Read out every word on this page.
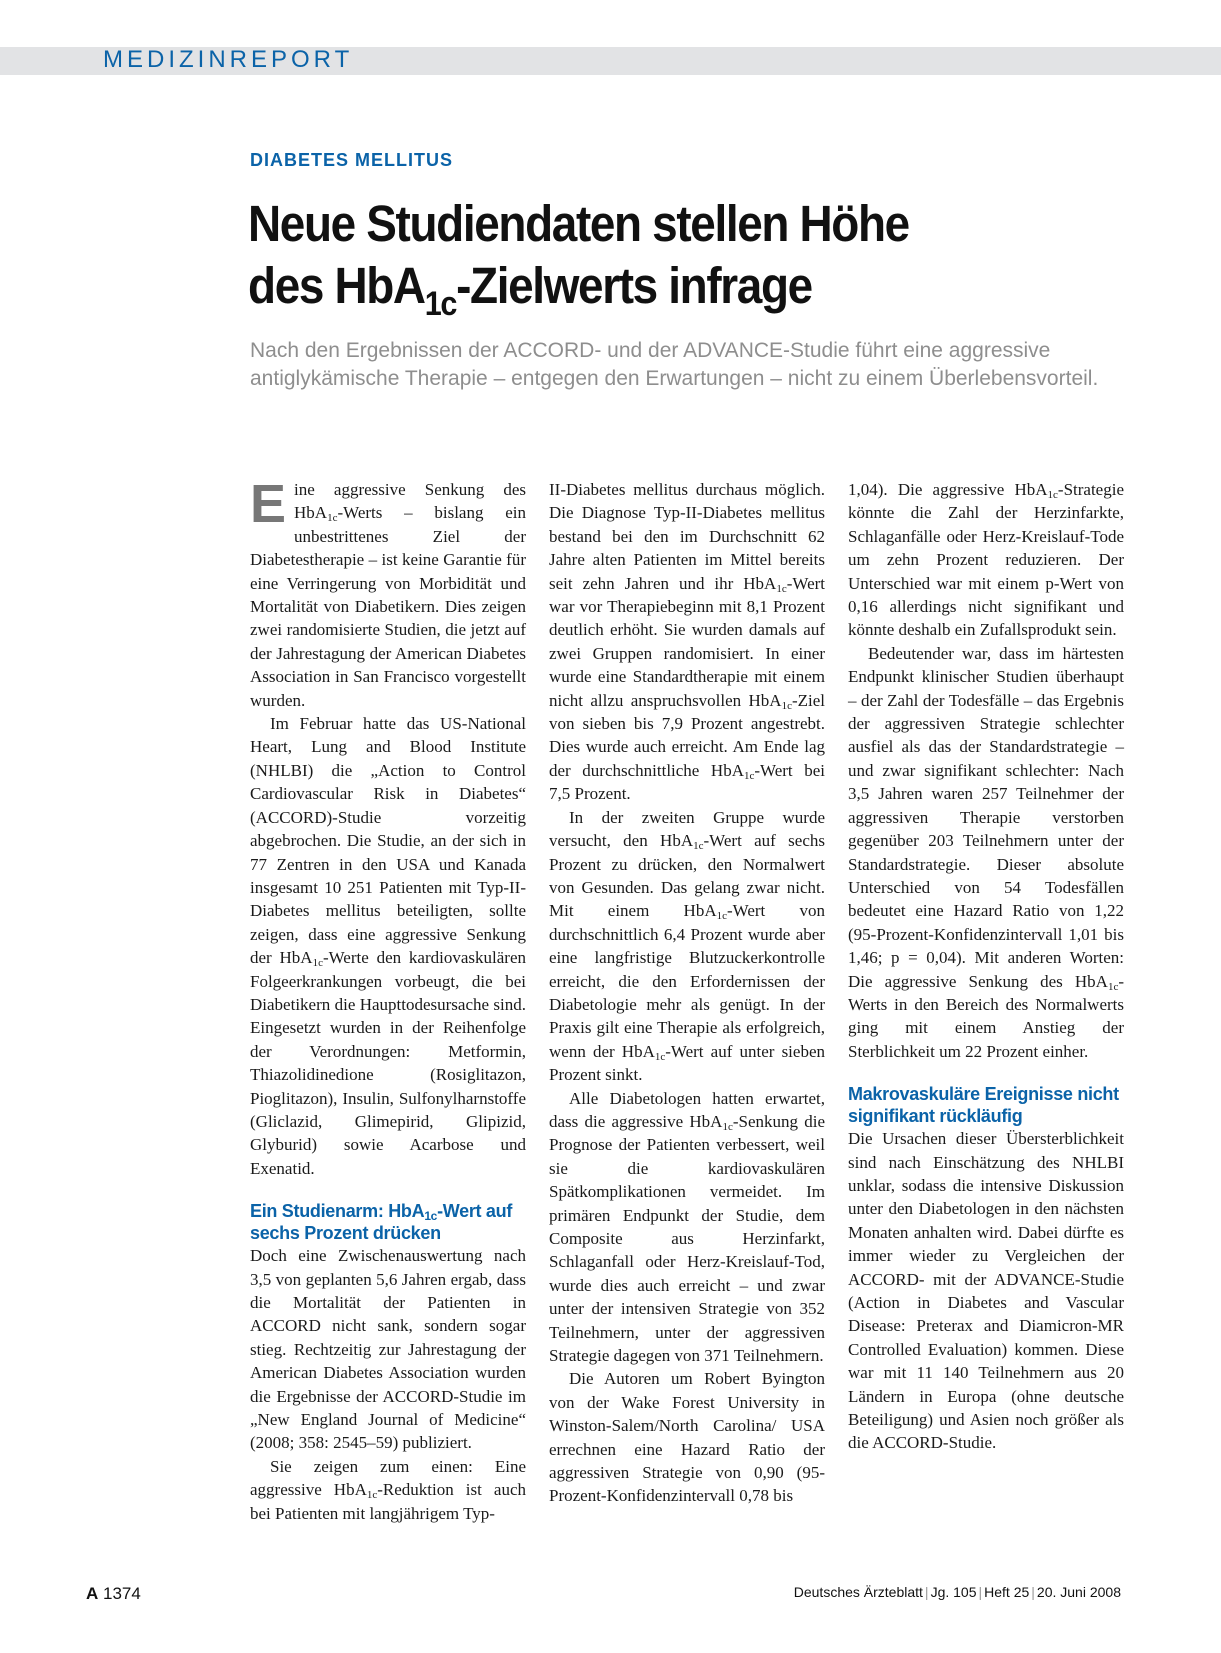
MEDIZINREPORT
DIABETES MELLITUS
Neue Studiendaten stellen Höhe
des HbA$_{1c}$-Zielwerts infrage

Nach den Ergebnissen der ACCORD- und der ADVANCE-Studie führt eine aggressive antiglykämische Therapie – entgegen den Erwartungen – nicht zu einem Überlebensvorteil.

Eine aggressive Senkung des HbA$_{1c}$-Werts – bislang ein unbestrittenes Ziel der Diabetestherapie – ist keine Garantie für eine Verringerung von Morbidität und Mortalität von Diabetikern. Dies zeigen zwei randomisierte Studien, die jetzt auf der Jahrestagung der American Diabetes Association in San Francisco vorgestellt wurden.

Im Februar hatte das US-National Heart, Lung and Blood Institute (NHLBI) die „Action to Control Cardiovascular Risk in Diabetes“ (ACCORD)-Studie vorzeitig abgebrochen. Die Studie, an der sich in 77 Zentren in den USA und Kanada insgesamt 10 251 Patienten mit Typ-II-Diabetes mellitus beteiligten, sollte zeigen, dass eine aggressive Senkung der HbA$_{1c}$-Werte den kardiovaskulären Folgeerkrankungen vorbeugt, die bei Diabetikern die Haupttodesursache sind. Eingesetzt wurden in der Reihenfolge der Verordnungen: Metformin, Thiazolidinedione (Rosiglitazon, Pioglitazon), Insulin, Sulfonylharnstoffe (Gliclazid, Glimepirid, Glipizid, Glyburid) sowie Acarbose und Exenatid.

Ein Studienarm: HbA$_{1c}$-Wert auf sechs Prozent drücken

Doch eine Zwischenauswertung nach 3,5 von geplanten 5,6 Jahren ergab, dass die Mortalität der Patienten in ACCORD nicht sank, sondern sogar stieg. Rechtzeitig zur Jahrestagung der American Diabetes Association wurden die Ergebnisse der ACCORD-Studie im „New England Journal of Medicine“ (2008; 358: 2545–59) publiziert.

Sie zeigen zum einen: Eine aggressive HbA$_{1c}$-Reduktion ist auch bei Patienten mit langjährigem Typ-

II-Diabetes mellitus durchaus möglich. Die Diagnose Typ-II-Diabetes mellitus bestand bei den im Durchschnitt 62 Jahre alten Patienten im Mittel bereits seit zehn Jahren und ihr HbA$_{1c}$-Wert war vor Therapiebeginn mit 8,1 Prozent deutlich erhöht. Sie wurden damals auf zwei Gruppen randomisiert. In einer wurde eine Standardtherapie mit einem nicht allzu anspruchsvollen HbA$_{1c}$-Ziel von sieben bis 7,9 Prozent angestrebt. Dies wurde auch erreicht. Am Ende lag der durchschnittliche HbA$_{1c}$-Wert bei 7,5 Prozent.

In der zweiten Gruppe wurde versucht, den HbA$_{1c}$-Wert auf sechs Prozent zu drücken, den Normalwert von Gesunden. Das gelang zwar nicht. Mit einem HbA$_{1c}$-Wert von durchschnittlich 6,4 Prozent wurde aber eine langfristige Blutzuckerkontrolle erreicht, die den Erfordernissen der Diabetologie mehr als genügt. In der Praxis gilt eine Therapie als erfolgreich, wenn der HbA$_{1c}$-Wert auf unter sieben Prozent sinkt.

Alle Diabetologen hatten erwartet, dass die aggressive HbA$_{1c}$-Senkung die Prognose der Patienten verbessert, weil sie die kardiovaskulären Spätkomplikationen vermeidet. Im primären Endpunkt der Studie, dem Composite aus Herzinfarkt, Schlaganfall oder Herz-Kreislauf-Tod, wurde dies auch erreicht – und zwar unter der intensiven Strategie von 352 Teilnehmern, unter der aggressiven Strategie dagegen von 371 Teilnehmern.

Die Autoren um Robert Byington von der Wake Forest University in Winston-Salem/North Carolina/ USA errechnen eine Hazard Ratio der aggressiven Strategie von 0,90 (95-Prozent-Konfidenzintervall 0,78 bis

1,04). Die aggressive HbA$_{1c}$-Strategie könnte die Zahl der Herzinfarkte, Schlaganfälle oder Herz-Kreislauf-Tode um zehn Prozent reduzieren. Der Unterschied war mit einem p-Wert von 0,16 allerdings nicht signifikant und könnte deshalb ein Zufallsprodukt sein.

Bedeutender war, dass im härtesten Endpunkt klinischer Studien überhaupt – der Zahl der Todesfälle – das Ergebnis der aggressiven Strategie schlechter ausfiel als das der Standardstrategie – und zwar signifikant schlechter: Nach 3,5 Jahren waren 257 Teilnehmer der aggressiven Therapie verstorben gegenüber 203 Teilnehmern unter der Standardstrategie. Dieser absolute Unterschied von 54 Todesfällen bedeutet eine Hazard Ratio von 1,22 (95-Prozent-Konfidenzintervall 1,01 bis 1,46; p = 0,04). Mit anderen Worten: Die aggressive Senkung des HbA$_{1c}$-Werts in den Bereich des Normalwerts ging mit einem Anstieg der Sterblichkeit um 22 Prozent einher.

Makrovaskuläre Ereignisse nicht signifikant rückläufig

Die Ursachen dieser Übersterblichkeit sind nach Einschätzung des NHLBI unklar, sodass die intensive Diskussion unter den Diabetologen in den nächsten Monaten anhalten wird. Dabei dürfte es immer wieder zu Vergleichen der ACCORD- mit der ADVANCE-Studie (Action in Diabetes and Vascular Disease: Preterax and Diamicron-MR Controlled Evaluation) kommen. Diese war mit 11 140 Teilnehmern aus 20 Ländern in Europa (ohne deutsche Beteiligung) und Asien noch größer als die ACCORD-Studie.

A 1374	Deutsches Ärzteblatt | Jg. 105 | Heft 25 | 20. Juni 2008
